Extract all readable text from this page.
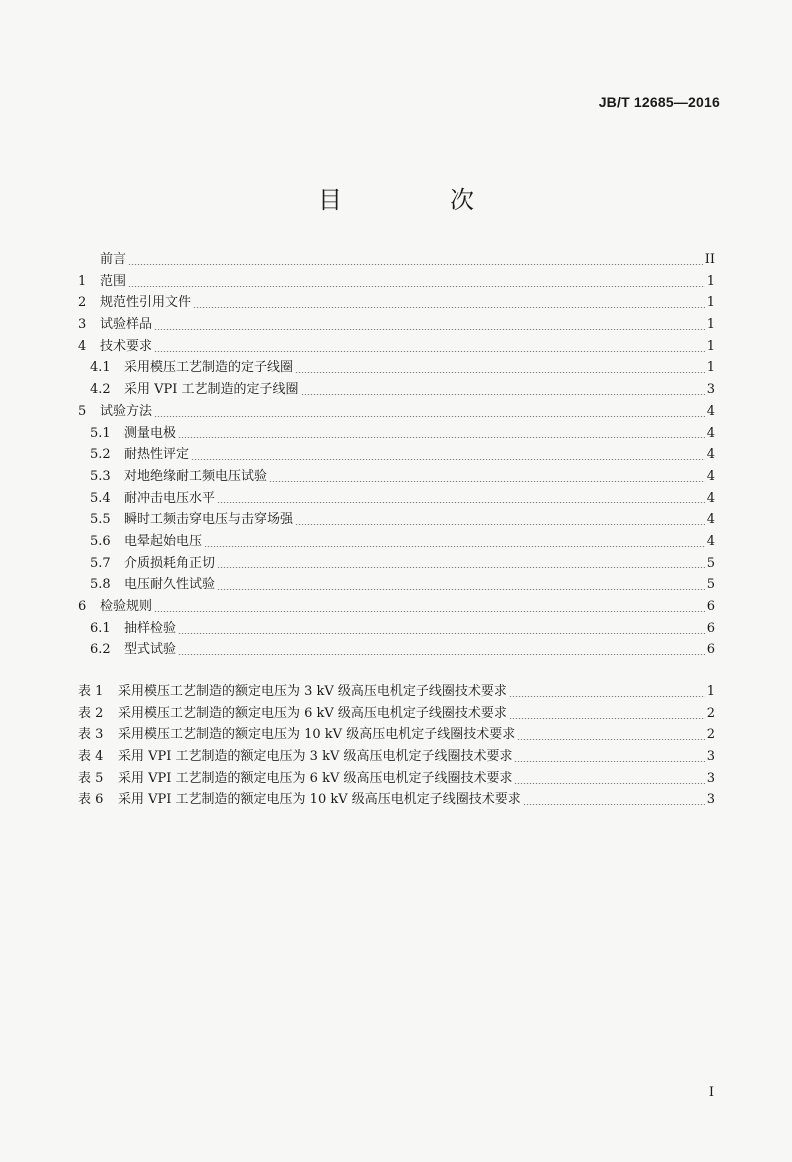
JB/T 12685—2016
目　次
前言	II
1	范围	1
2	规范性引用文件	1
3	试验样品	1
4	技术要求	1
4.1	采用模压工艺制造的定子线圈	1
4.2	采用 VPI 工艺制造的定子线圈	3
5	试验方法	4
5.1	测量电极	4
5.2	耐热性评定	4
5.3	对地绝缘耐工频电压试验	4
5.4	耐冲击电压水平	4
5.5	瞬时工频击穿电压与击穿场强	4
5.6	电晕起始电压	4
5.7	介质损耗角正切	5
5.8	电压耐久性试验	5
6	检验规则	6
6.1	抽样检验	6
6.2	型式试验	6
表 1	采用模压工艺制造的额定电压为 3 kV 级高压电机定子线圈技术要求	1
表 2	采用模压工艺制造的额定电压为 6 kV 级高压电机定子线圈技术要求	2
表 3	采用模压工艺制造的额定电压为 10 kV 级高压电机定子线圈技术要求	2
表 4	采用 VPI 工艺制造的额定电压为 3 kV 级高压电机定子线圈技术要求	3
表 5	采用 VPI 工艺制造的额定电压为 6 kV 级高压电机定子线圈技术要求	3
表 6	采用 VPI 工艺制造的额定电压为 10 kV 级高压电机定子线圈技术要求	3
I
